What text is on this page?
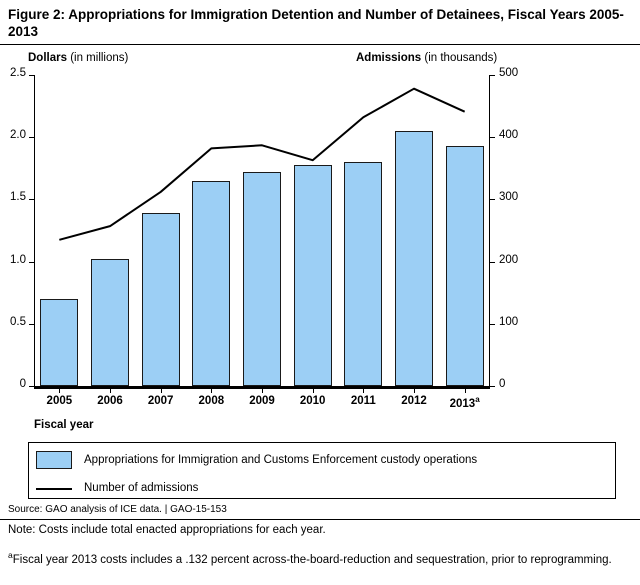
Figure 2: Appropriations for Immigration Detention and Number of Detainees, Fiscal Years 2005-2013
Dollars (in millions)	Admissions (in thousands)
0
0.5
1.0
1.5
2.0
2.5
0
100
200
300
400
500
2005	2006	2007	2008	2009	2010	2011	2012	2013$^a$
Fiscal year
Appropriations for Immigration and Customs Enforcement custody operations
Number of admissions
Source: GAO analysis of ICE data. | GAO-15-153
Note: Costs include total enacted appropriations for each year.
$^a$Fiscal year 2013 costs includes a .132 percent across-the-board-reduction and sequestration, prior to reprogramming.
